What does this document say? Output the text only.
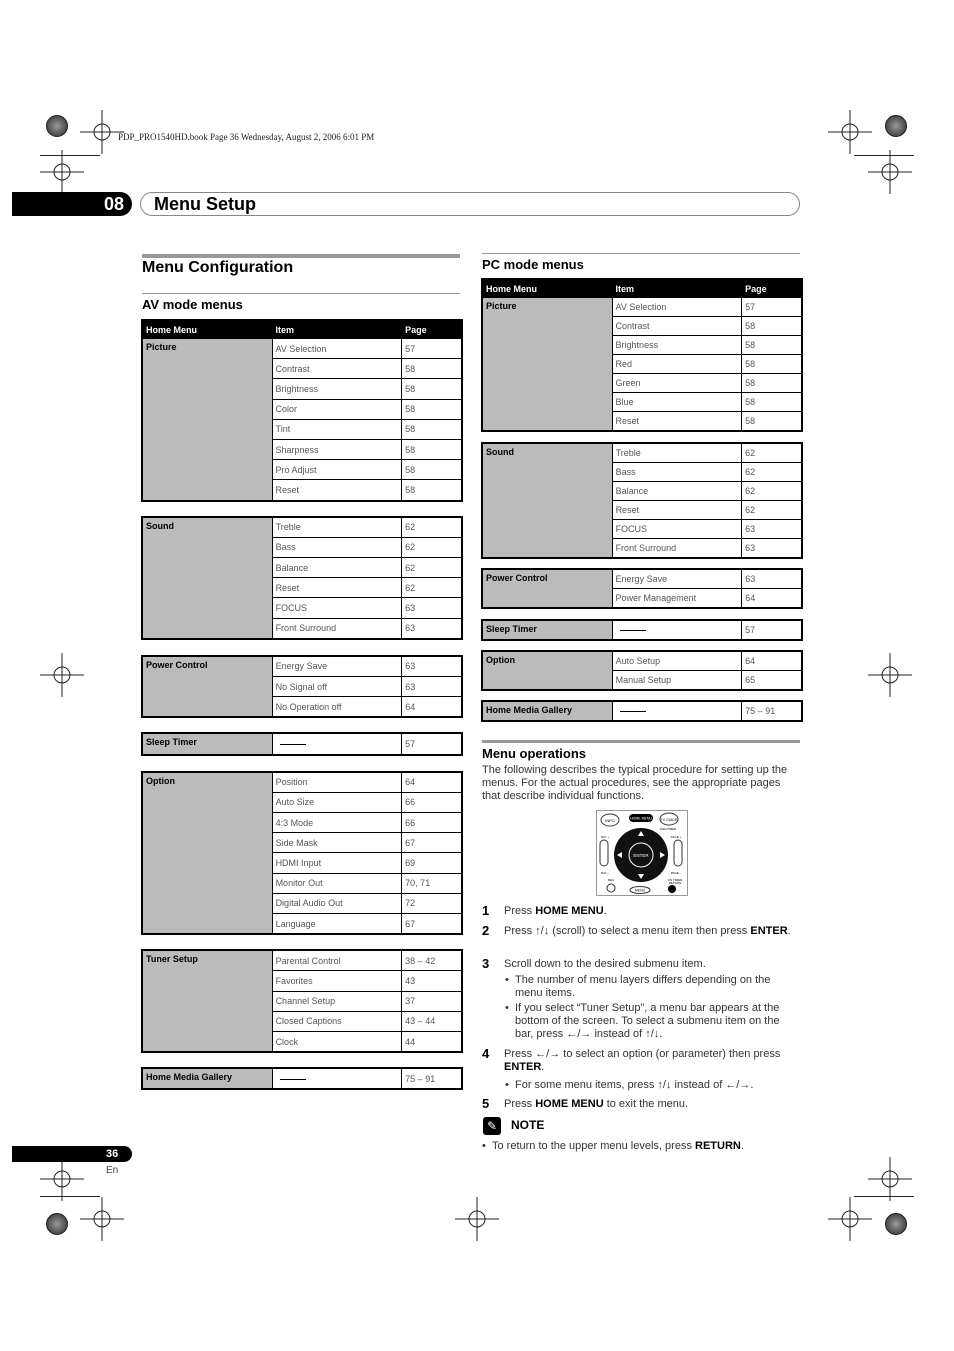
PDP_PRO1540HD.book Page 36 Wednesday, August 2, 2006 6:01 PM
08	Menu Setup
Menu Configuration
AV mode menus
Home Menu	Item	Page
Picture	AV Selection	57
	Contrast	58
	Brightness	58
	Color	58
	Tint	58
	Sharpness	58
	Pro Adjust	58
	Reset	58
Sound	Treble	62
	Bass	62
	Balance	62
	Reset	62
	FOCUS	63
	Front Surround	63
Power Control	Energy Save	63
	No Signal off	63
	No Operation off	64
Sleep Timer		57
Option	Position	64
	Auto Size	66
	4:3 Mode	66
	Side Mask	67
	HDMI Input	69
	Monitor Out	70, 71
	Digital Audio Out	72
	Language	67
Tuner Setup	Parental Control	38 – 42
	Favorites	43
	Channel Setup	37
	Closed Captions	43 – 44
	Clock	44
Home Media Gallery		75 – 91
PC mode menus
Home Menu	Item	Page
Picture	AV Selection	57
	Contrast	58
	Brightness	58
	Red	58
	Green	58
	Blue	58
	Reset	58
Sound	Treble	62
	Bass	62
	Balance	62
	Reset	62
	FOCUS	63
	Front Surround	63
Power Control	Energy Save	63
	Power Management	64
Sleep Timer		57
Option	Auto Setup	64
	Manual Setup	65
Home Media Gallery		75 – 91
Menu operations
The following describes the typical procedure for setting up the menus. For the actual procedures, see the appropriate pages that describe individual functions.
INFO	HOME MENU	TV GUIDE
INFO/TIMER
DAY +	PAGE +
ENTER
DAY –	PAGE –
REC
MENU
ON TIMER
RETURN
1 Press HOME MENU.
2 Press ↑/↓ (scroll) to select a menu item then press ENTER.
3 Scroll down to the desired submenu item.
• The number of menu layers differs depending on the menu items.
• If you select “Tuner Setup”, a menu bar appears at the bottom of the screen. To select a submenu item on the bar, press ←/→ instead of ↑/↓.
4 Press ←/→ to select an option (or parameter) then press ENTER.
• For some menu items, press ↑/↓ instead of ←/→.
5 Press HOME MENU to exit the menu.
✎	NOTE
• To return to the upper menu levels, press RETURN.
36
En
